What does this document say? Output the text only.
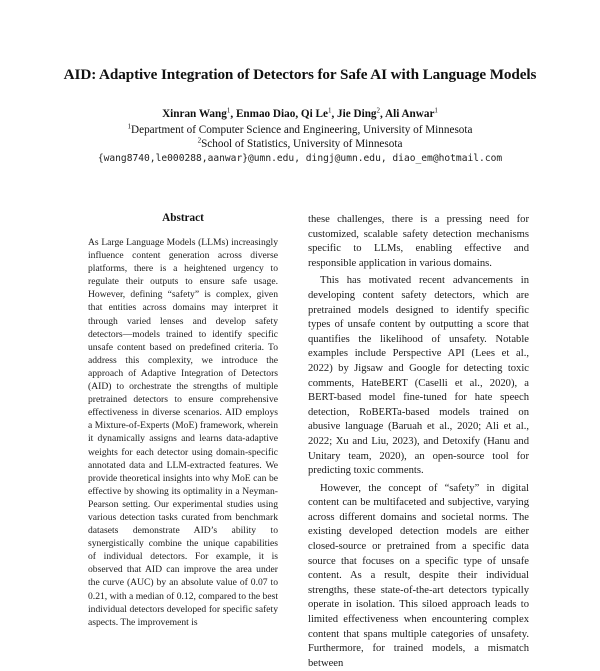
AID: Adaptive Integration of Detectors for Safe AI with Language Models
Xinran Wang$^1$, Enmao Diao, Qi Le$^1$, Jie Ding$^2$, Ali Anwar$^1$
$^1$Department of Computer Science and Engineering, University of Minnesota
$^2$School of Statistics, University of Minnesota
{wang8740,le000288,aanwar}@umn.edu, dingj@umn.edu, diao_em@hotmail.com
Abstract
As Large Language Models (LLMs) increasingly influence content generation across diverse platforms, there is a heightened urgency to regulate their outputs to ensure safe usage. However, defining “safety” is complex, given that entities across domains may interpret it through varied lenses and develop safety detectors—models trained to identify specific unsafe content based on predefined criteria. To address this complexity, we introduce the approach of Adaptive Integration of Detectors (AID) to orchestrate the strengths of multiple pretrained detectors to ensure comprehensive effectiveness in diverse scenarios. AID employs a Mixture-of-Experts (MoE) framework, wherein it dynamically assigns and learns data-adaptive weights for each detector using domain-specific annotated data and LLM-extracted features. We provide theoretical insights into why MoE can be effective by showing its optimality in a Neyman-Pearson setting. Our experimental studies using various detection tasks curated from benchmark datasets demonstrate AID’s ability to synergistically combine the unique capabilities of individual detectors. For example, it is observed that AID can improve the area under the curve (AUC) by an absolute value of 0.07 to 0.21, with a median of 0.12, compared to the best individual detectors developed for specific safety aspects. The improvement is

these challenges, there is a pressing need for customized, scalable safety detection mechanisms specific to LLMs, enabling effective and responsible application in various domains.

This has motivated recent advancements in developing content safety detectors, which are pretrained models designed to identify specific types of unsafe content by outputting a score that quantifies the likelihood of unsafety. Notable examples include Perspective API (Lees et al., 2022) by Jigsaw and Google for detecting toxic comments, HateBERT (Caselli et al., 2020), a BERT-based model fine-tuned for hate speech detection, RoBERTa-based models trained on abusive language (Baruah et al., 2020; Ali et al., 2022; Xu and Liu, 2023), and Detoxify (Hanu and Unitary team, 2020), an open-source tool for predicting toxic comments.

However, the concept of “safety” in digital content can be multifaceted and subjective, varying across different domains and societal norms. The existing developed detection models are either closed-source or pretrained from a specific data source that focuses on a specific type of unsafe content. As a result, despite their individual strengths, these state-of-the-art detectors typically operate in isolation. This siloed approach leads to limited effectiveness when encountering complex content that spans multiple categories of unsafety. Furthermore, for trained models, a mismatch between
